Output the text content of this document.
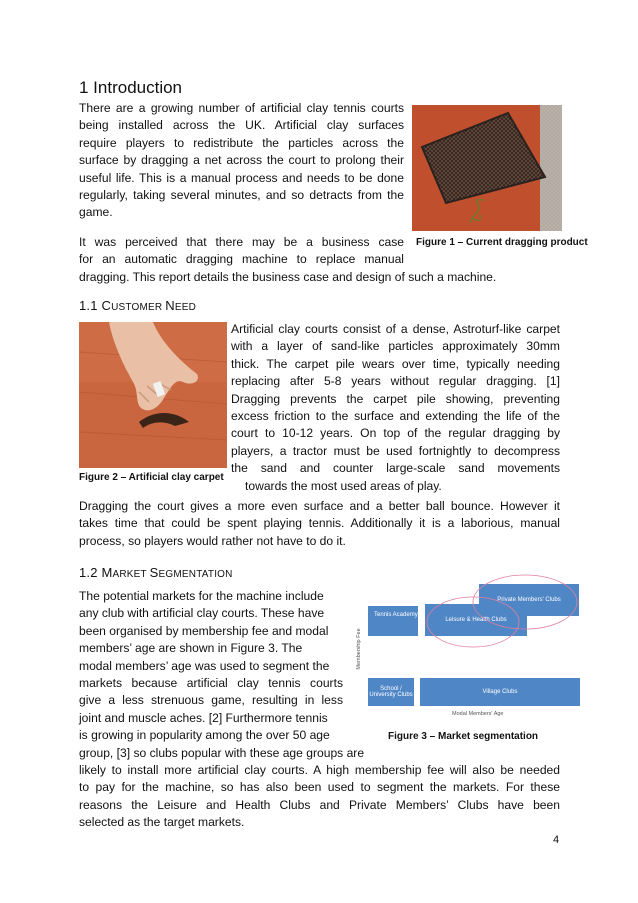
1 Introduction
There are a growing number of artificial clay tennis courts
being installed across the UK. Artificial clay surfaces
require players to redistribute the particles across the
surface by dragging a net across the court to prolong their
useful life. This is a manual process and needs to be done
regularly, taking several minutes, and so detracts from the
game.
It was perceived that there may be a business case
for an automatic dragging machine to replace manual
dragging. This report details the business case and design of such a machine.
Figure 1 – Current dragging product
1.1 CUSTOMER NEED
Artificial clay courts consist of a dense, Astroturf-like carpet
with a layer of sand-like particles approximately 30mm
thick. The carpet pile wears over time, typically needing
replacing after 5-8 years without regular dragging. [1]
Dragging prevents the carpet pile showing, preventing
excess friction to the surface and extending the life of the
court to 10-12 years. On top of the regular dragging by
players, a tractor must be used fortnightly to decompress
the sand and counter large-scale sand movements
towards the most used areas of play.
Figure 2 – Artificial clay carpet
Dragging the court gives a more even surface and a better ball bounce. However it
takes time that could be spent playing tennis. Additionally it is a laborious, manual
process, so players would rather not have to do it.
1.2 MARKET SEGMENTATION
The potential markets for the machine include
any club with artificial clay courts. These have
been organised by membership fee and modal
members’ age are shown in Figure 3. The
modal members’ age was used to segment the
markets because artificial clay tennis courts
give a less strenuous game, resulting in less
joint and muscle aches. [2] Furthermore tennis
is growing in popularity among the over 50 age
group, [3] so clubs popular with these age groups are
Membership Fee
Private Members' Clubs
Tennis Academy
Leisure & Health Clubs
School / University Clubs	Village Clubs
Modal Members' Age
Figure 3 – Market segmentation
likely to install more artificial clay courts. A high membership fee will also be needed
to pay for the machine, so has also been used to segment the markets. For these
reasons the Leisure and Health Clubs and Private Members’ Clubs have been
selected as the target markets.
4
